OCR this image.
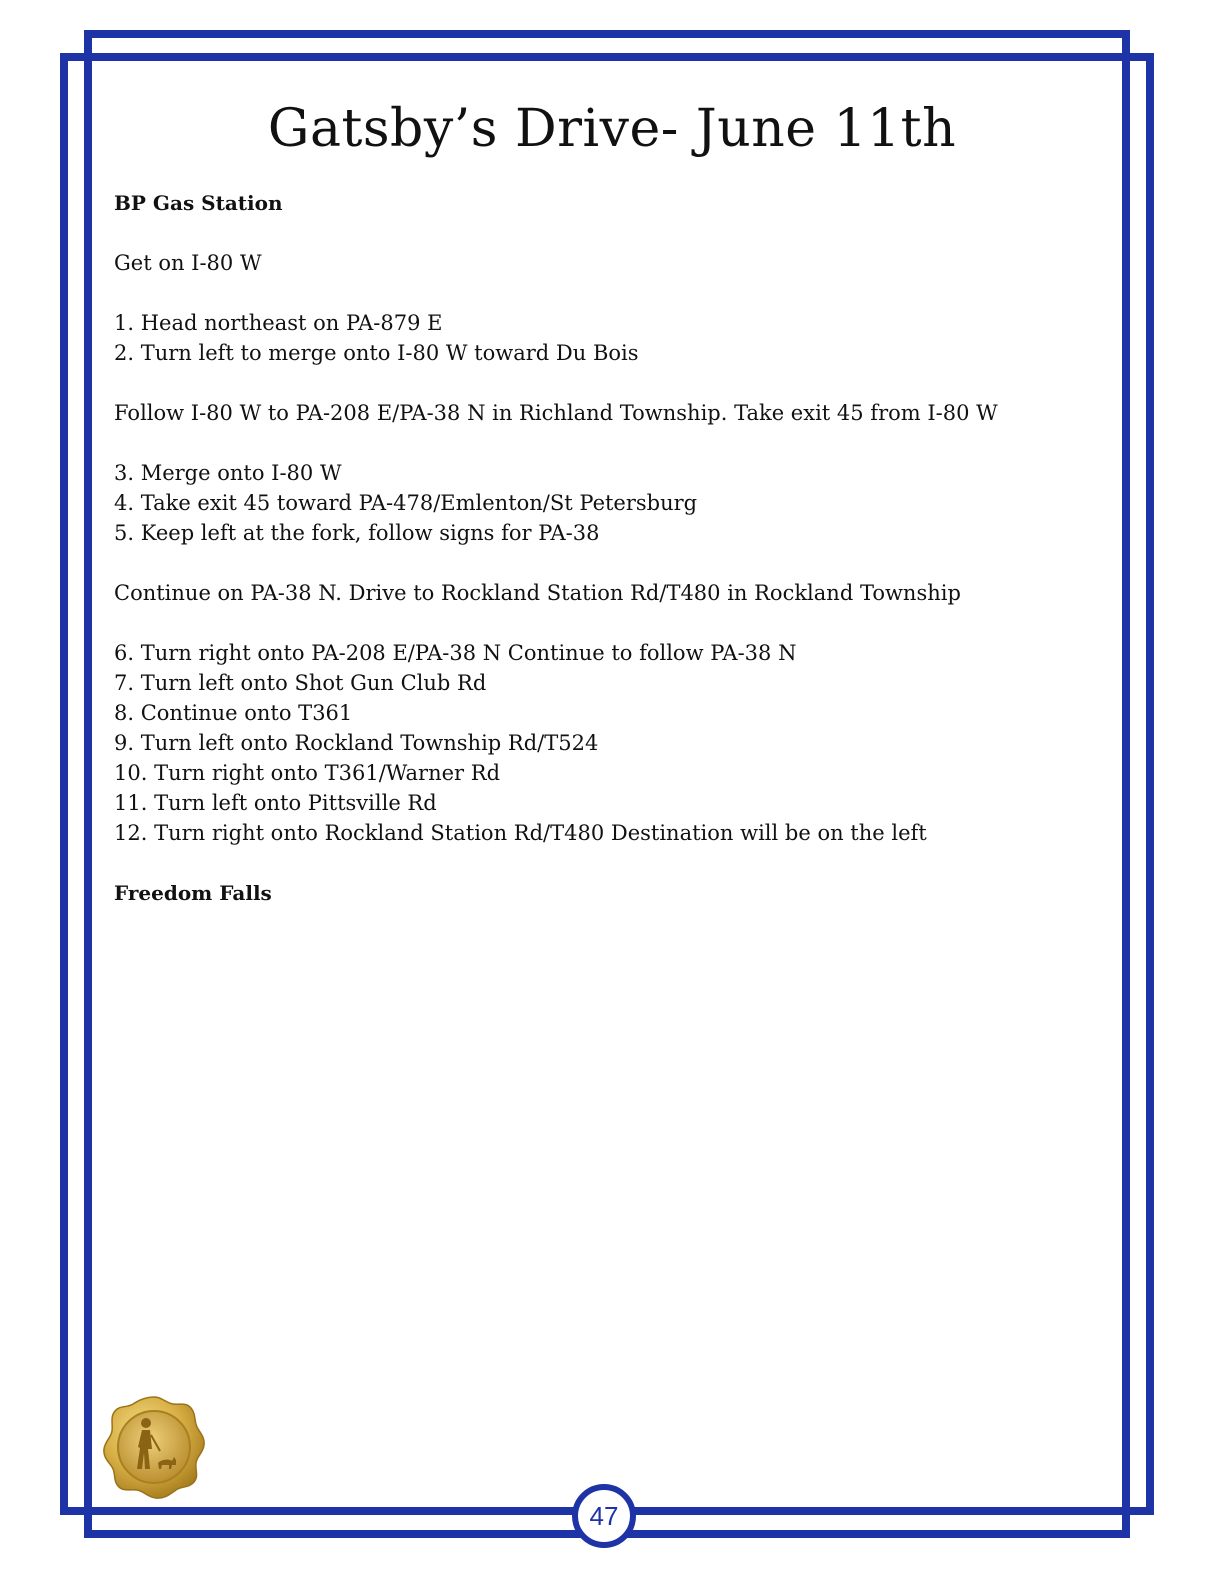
Gatsby’s Drive- June 11th
BP Gas Station
Get on I-80 W
1. Head northeast on PA-879 E
2. Turn left to merge onto I-80 W toward Du Bois
Follow I-80 W to PA-208 E/PA-38 N in Richland Township. Take exit 45 from I-80 W
3. Merge onto I-80 W
4. Take exit 45 toward PA-478/Emlenton/St Petersburg
5. Keep left at the fork, follow signs for PA-38
Continue on PA-38 N. Drive to Rockland Station Rd/T480 in Rockland Township
6. Turn right onto PA-208 E/PA-38 N Continue to follow PA-38 N
7. Turn left onto Shot Gun Club Rd
8. Continue onto T361
9. Turn left onto Rockland Township Rd/T524
10. Turn right onto T361/Warner Rd
11. Turn left onto Pittsville Rd
12. Turn right onto Rockland Station Rd/T480 Destination will be on the left
Freedom Falls
47
